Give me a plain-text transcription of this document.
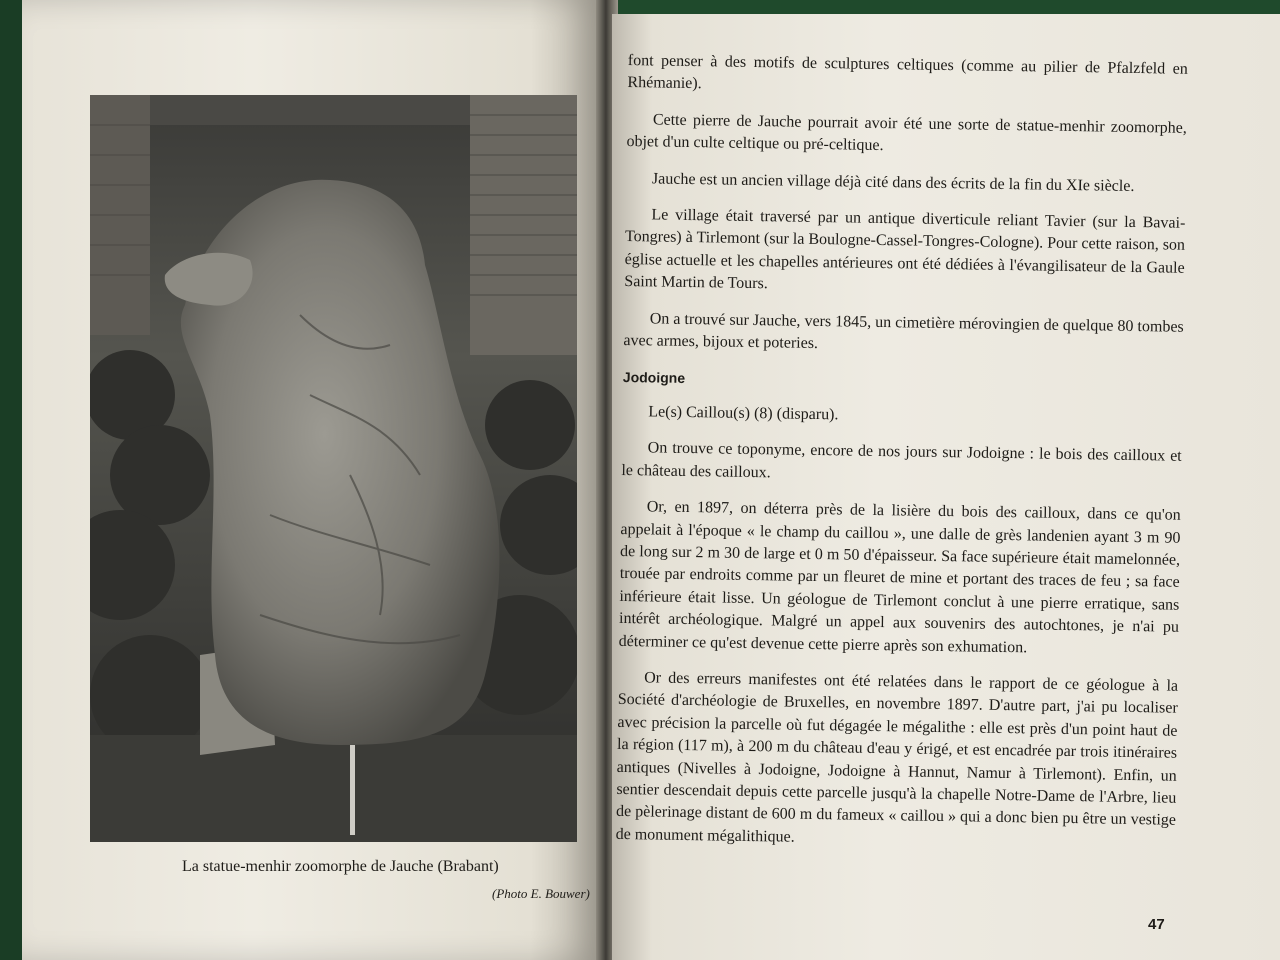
La statue-menhir zoomorphe de Jauche (Brabant)
(Photo E. Bouwer)

font penser à des motifs de sculptures celtiques (comme au pilier de Pfalzfeld en Rhémanie).

Cette pierre de Jauche pourrait avoir été une sorte de statue-menhir zoomorphe, objet d'un culte celtique ou pré-celtique.

Jauche est un ancien village déjà cité dans des écrits de la fin du XIe siècle.

Le village était traversé par un antique diverticule reliant Tavier (sur la Bavai-Tongres) à Tirlemont (sur la Boulogne-Cassel-Tongres-Cologne). Pour cette raison, son église actuelle et les chapelles antérieures ont été dédiées à l'évangilisateur de la Gaule Saint Martin de Tours.

On a trouvé sur Jauche, vers 1845, un cimetière mérovingien de quelque 80 tombes avec armes, bijoux et poteries.

Jodoigne

Le(s) Caillou(s) (8) (disparu).

On trouve ce toponyme, encore de nos jours sur Jodoigne : le bois des cailloux et le château des cailloux.

Or, en 1897, on déterra près de la lisière du bois des cailloux, dans ce qu'on appelait à l'époque « le champ du caillou », une dalle de grès landenien ayant 3 m 90 de long sur 2 m 30 de large et 0 m 50 d'épaisseur. Sa face supérieure était mamelonnée, trouée par endroits comme par un fleuret de mine et portant des traces de feu ; sa face inférieure était lisse. Un géologue de Tirlemont conclut à une pierre erratique, sans intérêt archéologique. Malgré un appel aux souvenirs des autochtones, je n'ai pu déterminer ce qu'est devenue cette pierre après son exhumation.

Or des erreurs manifestes ont été relatées dans le rapport de ce géologue à la Société d'archéologie de Bruxelles, en novembre 1897. D'autre part, j'ai pu localiser avec précision la parcelle où fut dégagée le mégalithe : elle est près d'un point haut de la région (117 m), à 200 m du château d'eau y érigé, et est encadrée par trois itinéraires antiques (Nivelles à Jodoigne, Jodoigne à Hannut, Namur à Tirlemont). Enfin, un sentier descendait depuis cette parcelle jusqu'à la chapelle Notre-Dame de l'Arbre, lieu de pèlerinage distant de 600 m du fameux « caillou » qui a donc bien pu être un vestige de monument mégalithique.

47
